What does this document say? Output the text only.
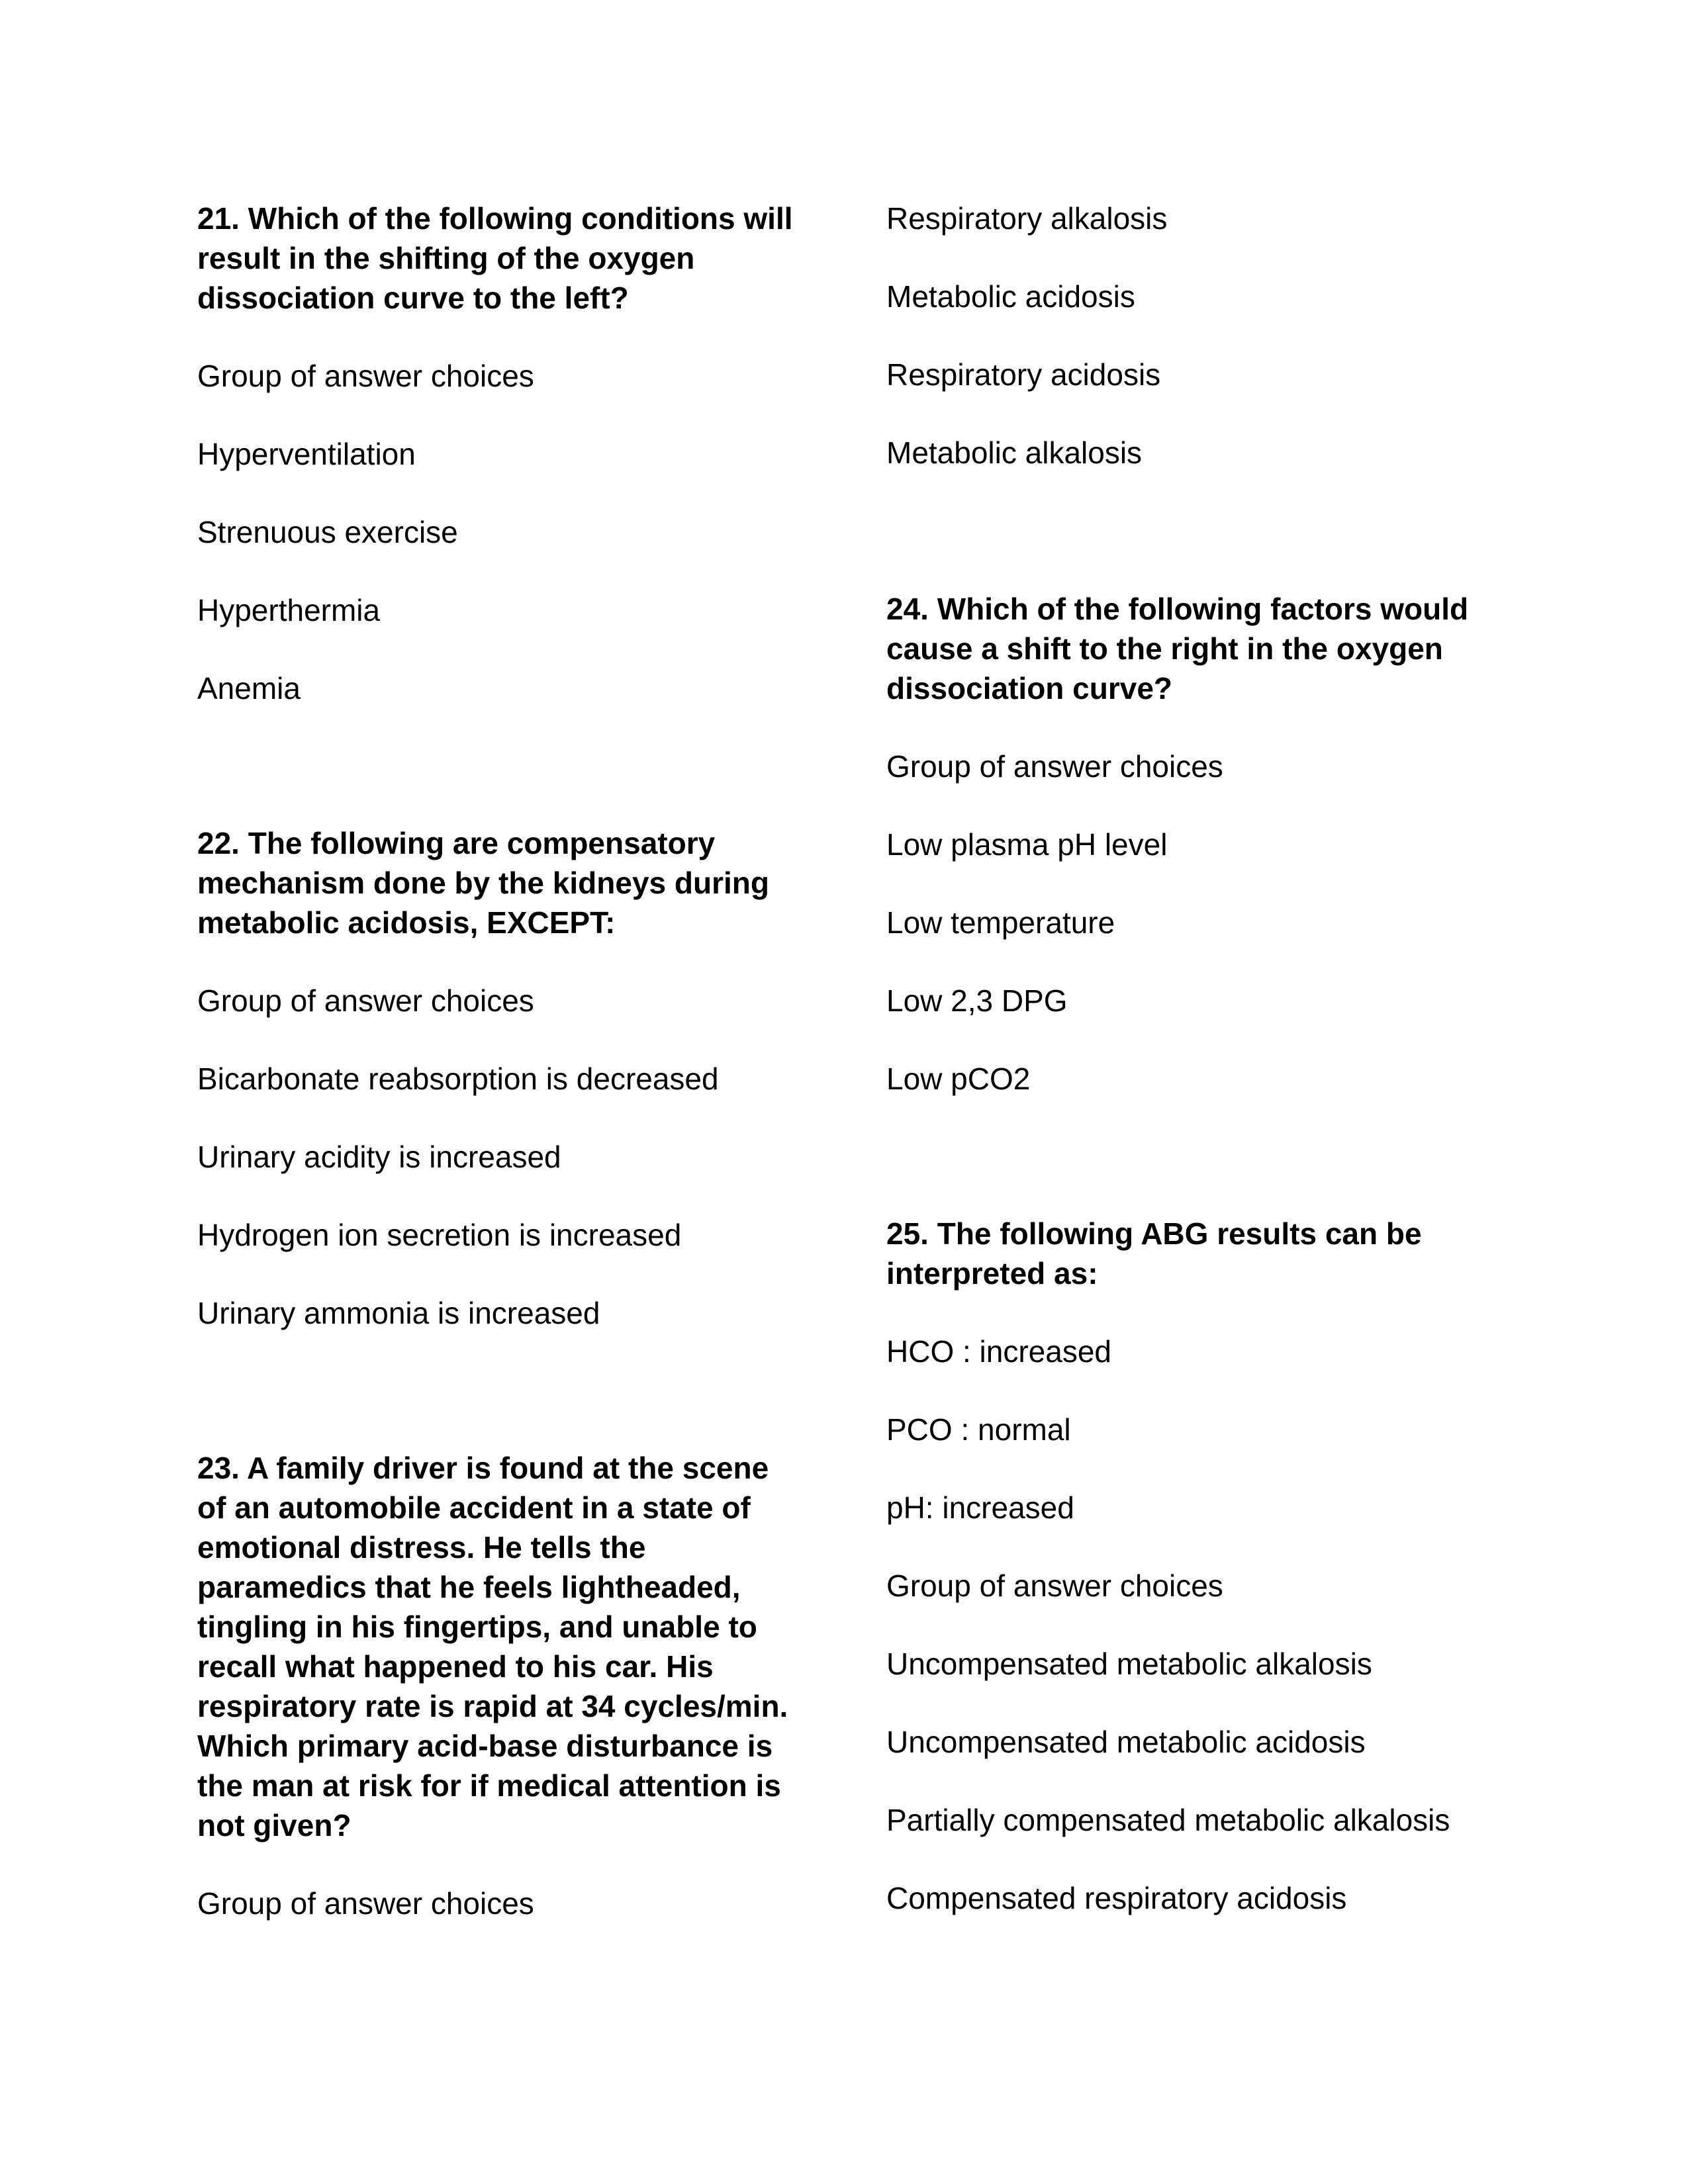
21. Which of the following conditions will result in the shifting of the oxygen dissociation curve to the left?

Group of answer choices

Hyperventilation

Strenuous exercise

Hyperthermia

Anemia

22. The following are compensatory mechanism done by the kidneys during metabolic acidosis, EXCEPT:

Group of answer choices

Bicarbonate reabsorption is decreased

Urinary acidity is increased

Hydrogen ion secretion is increased

Urinary ammonia is increased

23. A family driver is found at the scene of an automobile accident in a state of emotional distress. He tells the paramedics that he feels lightheaded, tingling in his fingertips, and unable to recall what happened to his car. His respiratory rate is rapid at 34 cycles/min. Which primary acid-base disturbance is the man at risk for if medical attention is not given?

Group of answer choices

Respiratory alkalosis

Metabolic acidosis

Respiratory acidosis

Metabolic alkalosis

24. Which of the following factors would cause a shift to the right in the oxygen dissociation curve?

Group of answer choices

Low plasma pH level

Low temperature

Low 2,3 DPG

Low pCO2

25. The following ABG results can be interpreted as:

HCO : increased

PCO : normal

pH: increased

Group of answer choices

Uncompensated metabolic alkalosis

Uncompensated metabolic acidosis

Partially compensated metabolic alkalosis

Compensated respiratory acidosis
